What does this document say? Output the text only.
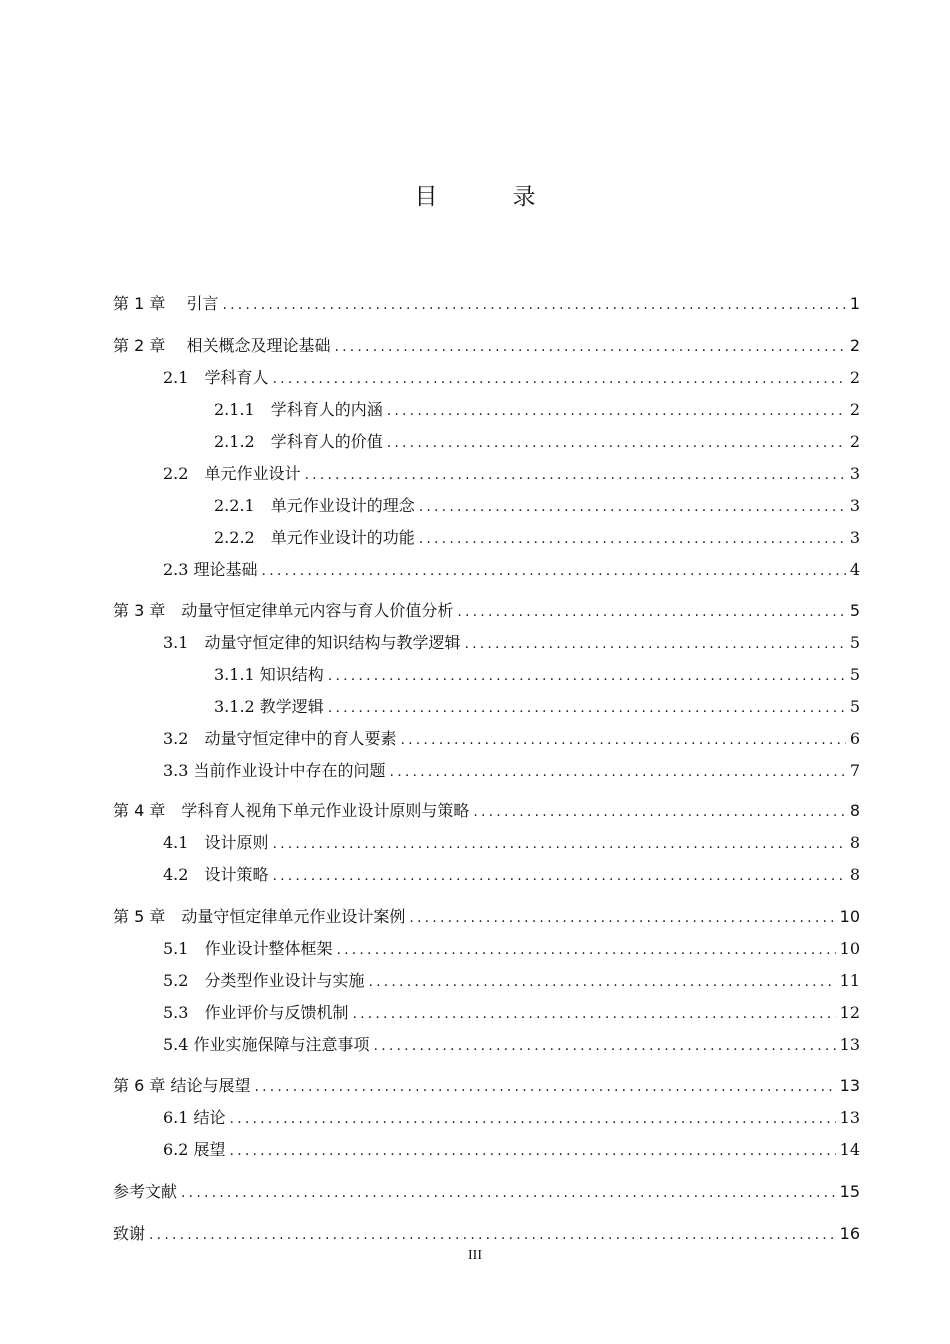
目　录
第 1 章　 引言 .....	1
第 2 章　 相关概念及理论基础 .....	2
2.1　学科育人 .....	2
2.1.1　学科育人的内涵 .....	2
2.1.2　学科育人的价值 .....	2
2.2　单元作业设计 .....	3
2.2.1　单元作业设计的理念 .....	3
2.2.2　单元作业设计的功能 .....	3
2.3 理论基础 .....	4
第 3 章　动量守恒定律单元内容与育人价值分析 .....	5
3.1　动量守恒定律的知识结构与教学逻辑 .....	5
3.1.1 知识结构 .....	5
3.1.2 教学逻辑 .....	5
3.2　动量守恒定律中的育人要素 .....	6
3.3 当前作业设计中存在的问题 .....	7
第 4 章　学科育人视角下单元作业设计原则与策略 .....	8
4.1　设计原则 .....	8
4.2　设计策略 .....	8
第 5 章　动量守恒定律单元作业设计案例 .....	10
5.1　作业设计整体框架 .....	10
5.2　分类型作业设计与实施 .....	11
5.3　作业评价与反馈机制 .....	12
5.4 作业实施保障与注意事项 .....	13
第 6 章 结论与展望 .....	13
6.1 结论 .....	13
6.2 展望 .....	14
参考文献 .....	15
致谢 .....	16
III
